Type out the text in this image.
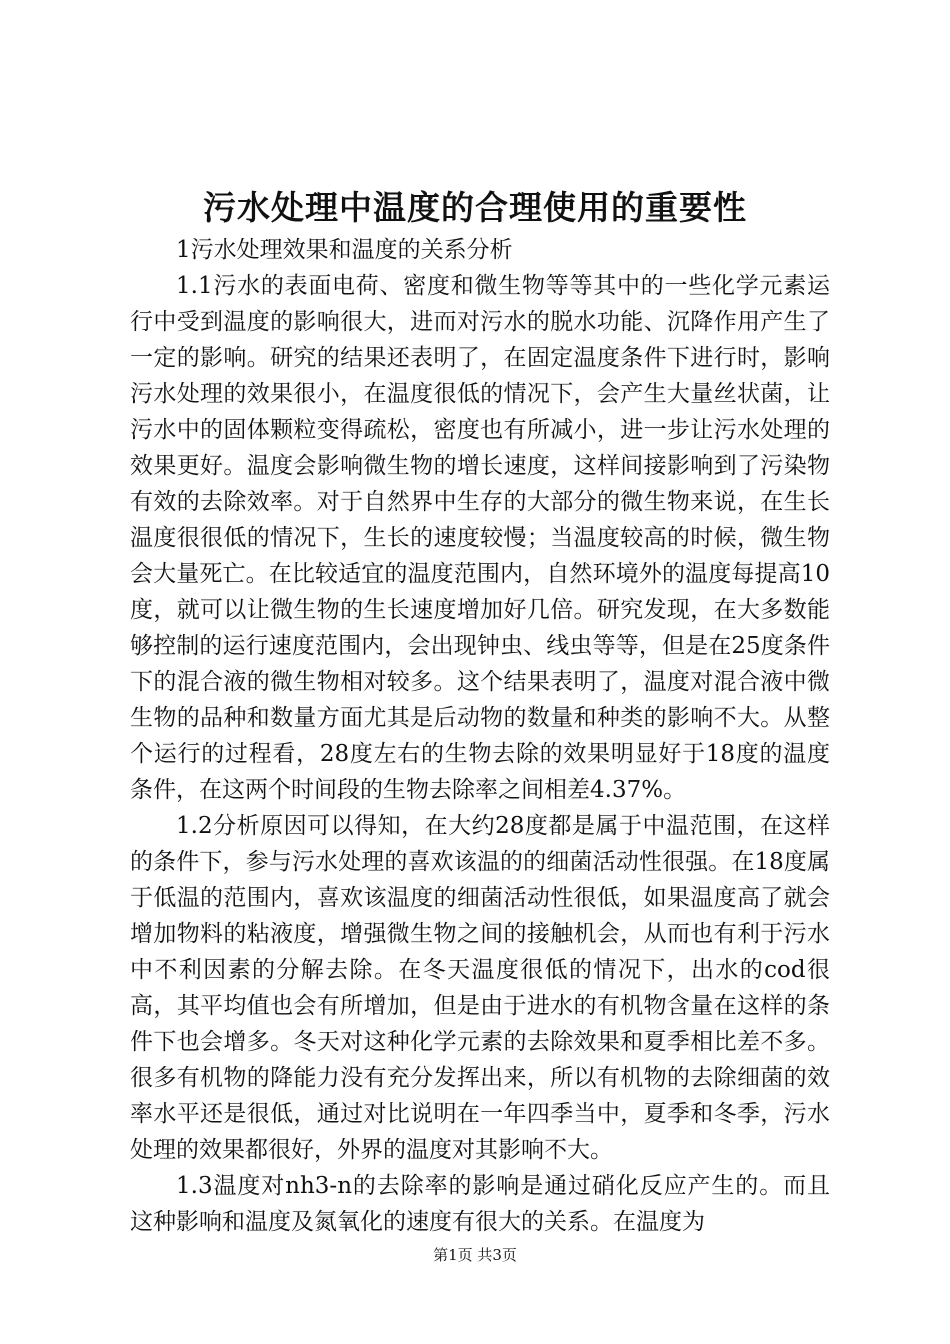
污水处理中温度的合理使用的重要性

1污水处理效果和温度的关系分析

1.1污水的表面电荷、密度和微生物等等其中的一些化学元素运行中受到温度的影响很大，进而对污水的脱水功能、沉降作用产生了一定的影响。研究的结果还表明了，在固定温度条件下进行时，影响污水处理的效果很小，在温度很低的情况下，会产生大量丝状菌，让污水中的固体颗粒变得疏松，密度也有所减小，进一步让污水处理的效果更好。温度会影响微生物的增长速度，这样间接影响到了污染物有效的去除效率。对于自然界中生存的大部分的微生物来说，在生长温度很很低的情况下，生长的速度较慢；当温度较高的时候，微生物会大量死亡。在比较适宜的温度范围内，自然环境外的温度每提高10度，就可以让微生物的生长速度增加好几倍。研究发现，在大多数能够控制的运行速度范围内，会出现钟虫、线虫等等，但是在25度条件下的混合液的微生物相对较多。这个结果表明了，温度对混合液中微生物的品种和数量方面尤其是后动物的数量和种类的影响不大。从整个运行的过程看，28度左右的生物去除的效果明显好于18度的温度条件，在这两个时间段的生物去除率之间相差4.37%。

1.2分析原因可以得知，在大约28度都是属于中温范围，在这样的条件下，参与污水处理的喜欢该温的的细菌活动性很强。在18度属于低温的范围内，喜欢该温度的细菌活动性很低，如果温度高了就会增加物料的粘液度，增强微生物之间的接触机会，从而也有利于污水中不利因素的分解去除。在冬天温度很低的情况下，出水的cod很高，其平均值也会有所增加，但是由于进水的有机物含量在这样的条件下也会增多。冬天对这种化学元素的去除效果和夏季相比差不多。很多有机物的降能力没有充分发挥出来，所以有机物的去除细菌的效率水平还是很低，通过对比说明在一年四季当中，夏季和冬季，污水处理的效果都很好，外界的温度对其影响不大。

1.3温度对nh3-n的去除率的影响是通过硝化反应产生的。而且这种影响和温度及氮氧化的速度有很大的关系。在温度为

第1页 共3页
